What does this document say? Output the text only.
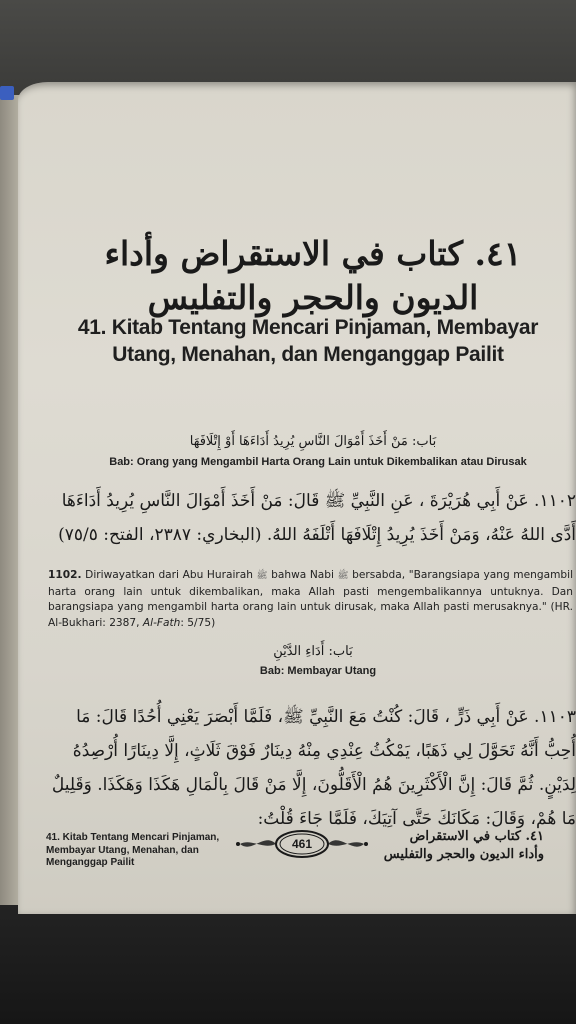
٤١. كتاب في الاستقراض وأداء
الديون والحجر والتفليس
41. Kitab Tentang Mencari Pinjaman, Membayar Utang, Menahan, dan Menganggap Pailit
بَاب: مَنْ أَخَذَ أَمْوَالَ النَّاسِ يُرِيدُ أَدَاءَهَا أَوْ إِتْلَافَهَا
Bab: Orang yang Mengambil Harta Orang Lain untuk Dikembalikan atau Dirusak
١١٠٢. عَنْ أَبِي هُرَيْرَةَ ، عَنِ النَّبِيِّ ﷺ قَالَ: مَنْ أَخَذَ أَمْوَالَ النَّاسِ يُرِيدُ أَدَاءَهَا أَدَّى اللهُ عَنْهُ، وَمَنْ أَخَذَ يُرِيدُ إِتْلَافَهَا أَتْلَفَهُ اللهُ. (البخاري: ٢٣٨٧، الفتح: ٧٥/٥)
1102. Diriwayatkan dari Abu Hurairah ﷺ bahwa Nabi ﷺ bersabda, "Barangsiapa yang mengambil harta orang lain untuk dikembalikan, maka Allah pasti mengembalikannya untuknya. Dan barangsiapa yang mengambil harta orang lain untuk dirusak, maka Allah pasti merusaknya." (HR. Al-Bukhari: 2387, Al-Fath: 5/75)
بَاب: أَدَاءِ الدَّيْنِ
Bab: Membayar Utang
١١٠٣. عَنْ أَبِي ذَرٍّ ، قَالَ: كُنْتُ مَعَ النَّبِيِّ ﷺ، فَلَمَّا أَبْصَرَ يَعْنِي أُحُدًا قَالَ: مَا أُحِبُّ أَنَّهُ تَحَوَّلَ لِي ذَهَبًا، يَمْكُثُ عِنْدِي مِنْهُ دِينَارٌ فَوْقَ ثَلَاثٍ، إِلَّا دِينَارًا أُرْصِدُهُ لِدَيْنٍ. ثُمَّ قَالَ: إِنَّ الْأَكْثَرِينَ هُمُ الْأَقَلُّونَ، إِلَّا مَنْ قَالَ بِالْمَالِ هَكَذَا وَهَكَذَا. وَقَلِيلٌ مَا هُمْ، وَقَالَ: مَكَانَكَ حَتَّى آتِيَكَ، فَلَمَّا جَاءَ قُلْتُ:
41. Kitab Tentang Mencari Pinjaman, Membayar Utang, Menahan, dan Menganggap Pailit
461	٤١. كتاب في الاستقراض
وأداء الديون والحجر والتفليس
